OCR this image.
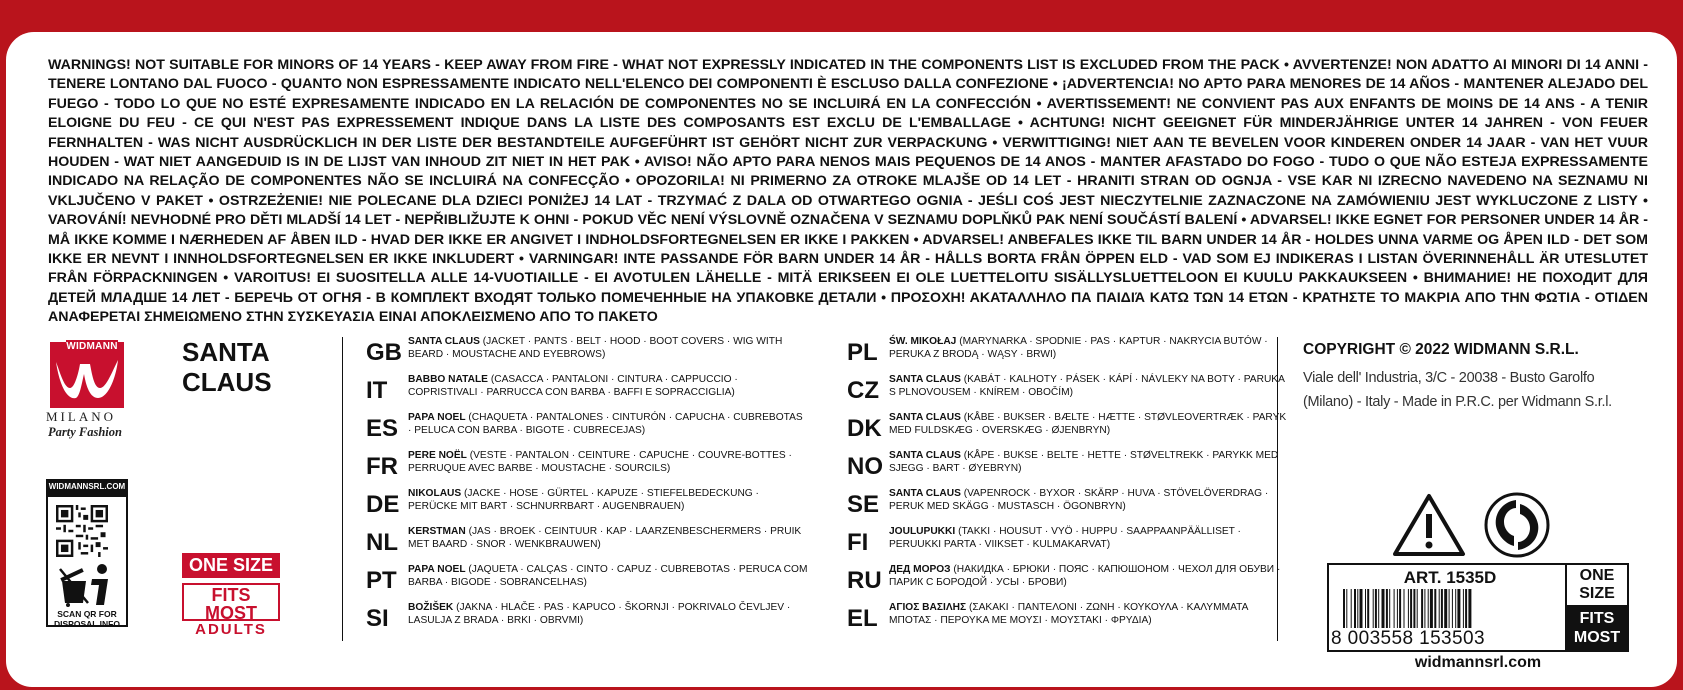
WARNINGS! NOT SUITABLE FOR MINORS OF 14 YEARS - KEEP AWAY FROM FIRE - WHAT NOT EXPRESSLY INDICATED IN THE COMPONENTS LIST IS EXCLUDED FROM THE PACK • AVVERTENZE! NON ADATTO AI MINORI DI 14 ANNI - TENERE LONTANO DAL FUOCO - QUANTO NON ESPRESSAMENTE INDICATO NELL'ELENCO DEI COMPONENTI È ESCLUSO DALLA CONFEZIONE • ¡ADVERTENCIA! NO APTO PARA MENORES DE 14 AÑOS - MANTENER ALEJADO DEL FUEGO - TODO LO QUE NO ESTÉ EXPRESAMENTE INDICADO EN LA RELACIÓN DE COMPONENTES NO SE INCLUIRÁ EN LA CONFECCIÓN • AVERTISSEMENT! NE CONVIENT PAS AUX ENFANTS DE MOINS DE 14 ANS - A TENIR ELOIGNE DU FEU - CE QUI N'EST PAS EXPRESSEMENT INDIQUE DANS LA LISTE DES COMPOSANTS EST EXCLU DE L'EMBALLAGE • ACHTUNG! NICHT GEEIGNET FÜR MINDERJÄHRIGE UNTER 14 JAHREN - VON FEUER FERNHALTEN - WAS NICHT AUSDRÜCKLICH IN DER LISTE DER BESTANDTEILE AUFGEFÜHRT IST GEHÖRT NICHT ZUR VERPACKUNG • VERWITTIGING! NIET AAN TE BEVELEN VOOR KINDEREN ONDER 14 JAAR - VAN HET VUUR HOUDEN - WAT NIET AANGEDUID IS IN DE LIJST VAN INHOUD ZIT NIET IN HET PAK • AVISO! NÃO APTO PARA NENOS MAIS PEQUENOS DE 14 ANOS - MANTER AFASTADO DO FOGO - TUDO O QUE NÃO ESTEJA EXPRESSAMENTE INDICADO NA RELAÇÃO DE COMPONENTES NÃO SE INCLUIRÁ NA CONFECÇÃO • OPOZORILA! NI PRIMERNO ZA OTROKE MLAJŠE OD 14 LET - HRANITI STRAN OD OGNJA - VSE KAR NI IZRECNO NAVEDENO NA SEZNAMU NI VKLJUČENO V PAKET • OSTRZEŻENIE! NIE POLECANE DLA DZIECI PONIŻEJ 14 LAT - TRZYMAĆ Z DALA OD OTWARTEGO OGNIA - JEŚLI COŚ JEST NIECZYTELNIE ZAZNACZONE NA ZAMÓWIENIU JEST WYKLUCZONE Z LISTY • VAROVÁNÍ! NEVHODNÉ PRO DĚTI MLADŠÍ 14 LET - NEPŘIBLIŽUJTE K OHNI - POKUD VĚC NENÍ VÝSLOVNĚ OZNAČENA V SEZNAMU DOPLŇKŮ PAK NENÍ SOUČÁSTÍ BALENÍ • ADVARSEL! IKKE EGNET FOR PERSONER UNDER 14 ÅR - MÅ IKKE KOMME I NÆRHEDEN AF ÅBEN ILD - HVAD DER IKKE ER ANGIVET I INDHOLDSFORTEGNELSEN ER IKKE I PAKKEN • ADVARSEL! ANBEFALES IKKE TIL BARN UNDER 14 ÅR - HOLDES UNNA VARME OG ÅPEN ILD - DET SOM IKKE ER NEVNT I INNHOLDSFORTEGNELSEN ER IKKE INKLUDERT • VARNINGAR! INTE PASSANDE FÖR BARN UNDER 14 ÅR - HÅLLS BORTA FRÅN ÖPPEN ELD - VAD SOM EJ INDIKERAS I LISTAN ÖVERINNEHÅLL ÄR UTESLUTET FRÅN FÖRPACKNINGEN • VAROITUS! EI SUOSITELLA ALLE 14-VUOTIAILLE - EI AVOTULEN LÄHELLE - MITÄ ERIKSEEN EI OLE LUETTELOITU SISÄLLYSLUETTELOON EI KUULU PAKKAUKSEEN • ВНИМАНИЕ! НЕ ПОХОДИТ ДЛЯ ДЕТЕЙ МЛАДШЕ 14 ЛЕТ - БЕРЕЧЬ ОТ ОГНЯ - В КОМПЛЕКТ ВХОДЯТ ТОЛЬКО ПОМЕЧЕННЫЕ НА УПАКОВКЕ ДЕТАЛИ • ΠΡΟΣΟΧΗ! ΑΚΑΤΑΛΛΗΛΟ ΠΑ ΠΑΙΔΙΆ ΚΑΤΩ ΤΩΝ 14 ΕΤΩΝ - ΚΡΑΤΗΣΤΕ ΤΟ ΜΑΚΡΙΑ ΑΠΟ ΤΗΝ ΦΩΤΙΑ - ΟΤΙΔΕΝ ΑΝΑΦΕΡΕΤΑΙ ΣΗΜΕΙΩΜΕΝΟ ΣΤΗΝ ΣΥΣΚΕΥΑΣΙΑ ΕΙΝΑΙ ΑΠΟΚΛΕΙΣΜΕΝΟ ΑΠΟ ΤΟ ΠΑΚΕΤΟ

WIDMANN
MILANO
Party Fashion
SANTA CLAUS
WIDMANNSRL.COM
SCAN QR FOR DISPOSAL INFO
ONE SIZE
FITS MOST
ADULTS
GB SANTA CLAUS (JACKET · PANTS · BELT · HOOD · BOOT COVERS · WIG WITH BEARD · MOUSTACHE AND EYEBROWS)
IT	BABBO NATALE (CASACCA · PANTALONI · CINTURA · CAPPUCCIO · COPRISTIVALI · PARRUCCA CON BARBA · BAFFI E SOPRACCIGLIA)
ES PAPA NOEL (CHAQUETA · PANTALONES · CINTURÓN · CAPUCHA · CUBREBOTAS · PELUCA CON BARBA · BIGOTE · CUBRECEJAS)
FR PERE NOËL (VESTE · PANTALON · CEINTURE · CAPUCHE · COUVRE-BOTTES · PERRUQUE AVEC BARBE · MOUSTACHE · SOURCILS)
DE NIKOLAUS (JACKE · HOSE · GÜRTEL · KAPUZE · STIEFELBEDECKUNG · PERÜCKE MIT BART · SCHNURRBART · AUGENBRAUEN)
NL KERSTMAN (JAS · BROEK · CEINTUUR · KAP · LAARZENBESCHERMERS · PRUIK MET BAARD · SNOR · WENKBRAUWEN)
PT	PAPA NOEL (JAQUETA · CALÇAS · CINTO · CAPUZ · CUBREBOTAS · PERUCA COM BARBA · BIGODE · SOBRANCELHAS)
SI	BOŽIŠEK (JAKNA · HLAČE · PAS · KAPUCO · ŠKORNJI · POKRIVALO ČEVLJEV · LASULJA Z BRADA · BRKI · OBRVMI)
PL	ŚW. MIKOŁAJ (MARYNARKA · SPODNIE · PAS · KAPTUR · NAKRYCIA BUTÓW · PERUKA Z BRODĄ · WĄSY · BRWI)
CZ SANTA CLAUS (KABÁT · KALHOTY · PÁSEK · KÁPÍ · NÁVLEKY NA BOTY · PARUKA S PLNOVOUSEM · KNÍREM · OBOČÍM)
DK SANTA CLAUS (KÅBE · BUKSER · BÆLTE · HÆTTE · STØVLEOVERTRÆK · PARYK MED FULDSKÆG · OVERSKÆG · ØJENBRYN)
NO SANTA CLAUS (KÅPE · BUKSE · BELTE · HETTE · STØVELTREKK · PARYKK MED SJEGG · BART · ØYEBRYN)
SE SANTA CLAUS (VAPENROCK · BYXOR · SKÄRP · HUVA · STÖVELÖVERDRAG · PERUK MED SKÄGG · MUSTASCH · ÖGONBRYN)
FI	JOULUPUKKI (TAKKI · HOUSUT · VYÖ · HUPPU · SAAPPAANPÄÄLLISET · PERUUKKI PARTA · VIIKSET · KULMAKARVAT)
RU ДЕД МОРОЗ (НАКИДКА · БРЮКИ · ПОЯС · КАПЮШОНОМ · ЧЕХОЛ ДЛЯ ОБУВИ · ПАРИК С БОРОДОЙ · УСЫ · БРОВИ)
EL	ΑΓΙΟΣ ΒΑΣΙΛΗΣ (ΣΑΚΑΚΙ · ΠΑΝΤΕΛΟΝΙ · ΖΩΝΗ · ΚΟΥΚΟΥΛΑ · ΚΑΛΥΜΜΑΤΑ ΜΠΟΤΑΣ · ΠΕΡΟΥΚΑ ΜΕ ΜΟΥΣΙ · ΜΟΥΣΤΑΚΙ · ΦΡΥΔΙΑ)
COPYRIGHT © 2022 WIDMANN S.R.L.
Viale dell' Industria, 3/C - 20038 - Busto Garolfo
(Milano) - Italy - Made in P.R.C. per Widmann S.r.l.
ART. 1535D
8 003558 153503
ONE SIZE
FITS MOST
widmannsrl.com
